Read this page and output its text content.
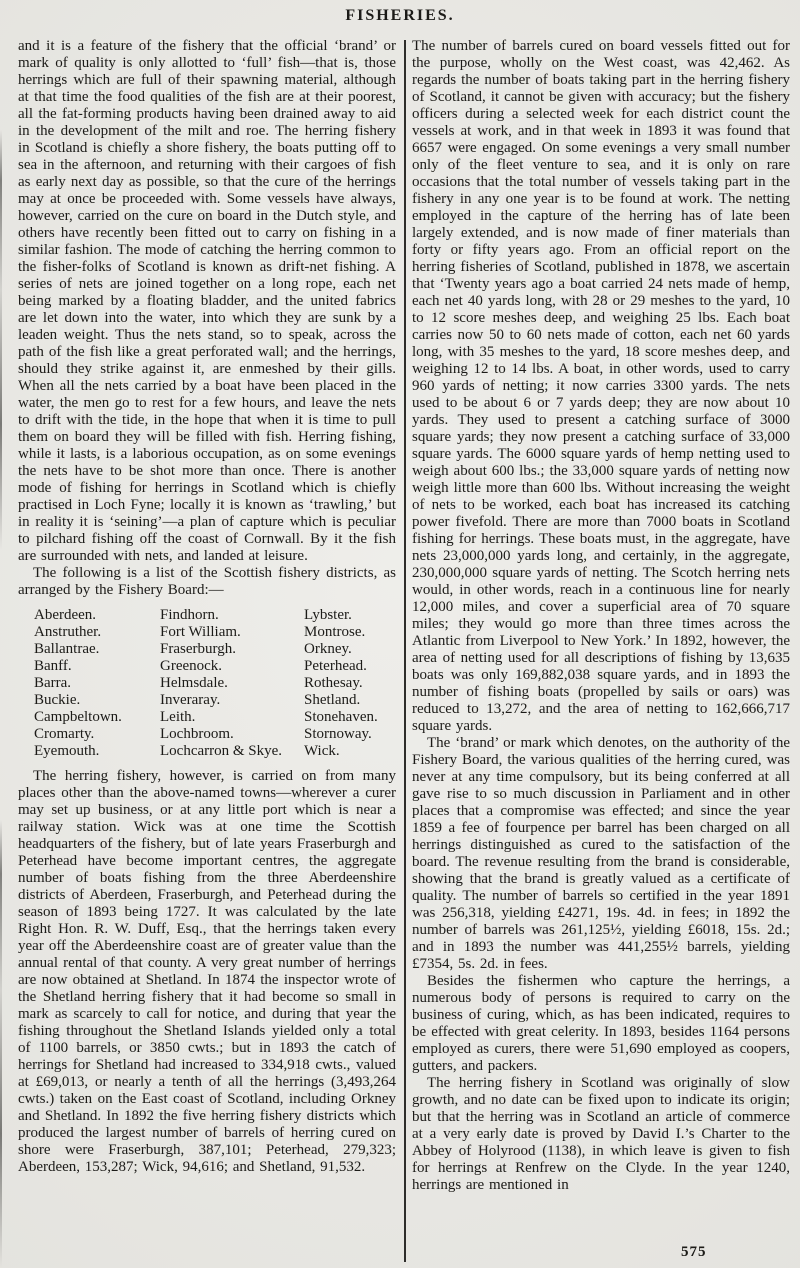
FISHERIES.

and it is a feature of the fishery that the official ‘brand’ or mark of quality is only allotted to ‘full’ fish—that is, those herrings which are full of their spawning material, although at that time the food qualities of the fish are at their poorest, all the fat-forming products having been drained away to aid in the development of the milt and roe. The herring fishery in Scotland is chiefly a shore fishery, the boats putting off to sea in the afternoon, and returning with their cargoes of fish as early next day as possible, so that the cure of the herrings may at once be proceeded with. Some vessels have always, however, carried on the cure on board in the Dutch style, and others have recently been fitted out to carry on fishing in a similar fashion. The mode of catching the herring common to the fisher-folks of Scotland is known as drift-net fishing. A series of nets are joined together on a long rope, each net being marked by a floating bladder, and the united fabrics are let down into the water, into which they are sunk by a leaden weight. Thus the nets stand, so to speak, across the path of the fish like a great perforated wall; and the herrings, should they strike against it, are enmeshed by their gills. When all the nets carried by a boat have been placed in the water, the men go to rest for a few hours, and leave the nets to drift with the tide, in the hope that when it is time to pull them on board they will be filled with fish. Herring fishing, while it lasts, is a laborious occupation, as on some evenings the nets have to be shot more than once. There is another mode of fishing for herrings in Scotland which is chiefly practised in Loch Fyne; locally it is known as ‘trawling,’ but in reality it is ‘seining’—a plan of capture which is peculiar to pilchard fishing off the coast of Cornwall. By it the fish are surrounded with nets, and landed at leisure.

The following is a list of the Scottish fishery districts, as arranged by the Fishery Board:—

Aberdeen.
Anstruther.
Ballantrae.
Banff.
Barra.
Buckie.
Campbeltown.
Cromarty.
Eyemouth.
Findhorn.
Fort William.
Fraserburgh.
Greenock.
Helmsdale.
Inveraray.
Leith.
Lochbroom.
Lochcarron & Skye.
Lybster.
Montrose.
Orkney.
Peterhead.
Rothesay.
Shetland.
Stonehaven.
Stornoway.
Wick.

The herring fishery, however, is carried on from many places other than the above-named towns—wherever a curer may set up business, or at any little port which is near a railway station. Wick was at one time the Scottish headquarters of the fishery, but of late years Fraserburgh and Peterhead have become important centres, the aggregate number of boats fishing from the three Aberdeenshire districts of Aberdeen, Fraserburgh, and Peterhead during the season of 1893 being 1727. It was calculated by the late Right Hon. R. W. Duff, Esq., that the herrings taken every year off the Aberdeenshire coast are of greater value than the annual rental of that county. A very great number of herrings are now obtained at Shetland. In 1874 the inspector wrote of the Shetland herring fishery that it had become so small in mark as scarcely to call for notice, and during that year the fishing throughout the Shetland Islands yielded only a total of 1100 barrels, or 3850 cwts.; but in 1893 the catch of herrings for Shetland had increased to 334,918 cwts., valued at £69,013, or nearly a tenth of all the herrings (3,493,264 cwts.) taken on the East coast of Scotland, including Orkney and Shetland. In 1892 the five herring fishery districts which produced the largest number of barrels of herring cured on shore were Fraserburgh, 387,101; Peterhead, 279,323; Aberdeen, 153,287; Wick, 94,616; and Shetland, 91,532.

The number of barrels cured on board vessels fitted out for the purpose, wholly on the West coast, was 42,462. As regards the number of boats taking part in the herring fishery of Scotland, it cannot be given with accuracy; but the fishery officers during a selected week for each district count the vessels at work, and in that week in 1893 it was found that 6657 were engaged. On some evenings a very small number only of the fleet venture to sea, and it is only on rare occasions that the total number of vessels taking part in the fishery in any one year is to be found at work. The netting employed in the capture of the herring has of late been largely extended, and is now made of finer materials than forty or fifty years ago. From an official report on the herring fisheries of Scotland, published in 1878, we ascertain that ‘Twenty years ago a boat carried 24 nets made of hemp, each net 40 yards long, with 28 or 29 meshes to the yard, 10 to 12 score meshes deep, and weighing 25 lbs. Each boat carries now 50 to 60 nets made of cotton, each net 60 yards long, with 35 meshes to the yard, 18 score meshes deep, and weighing 12 to 14 lbs. A boat, in other words, used to carry 960 yards of netting; it now carries 3300 yards. The nets used to be about 6 or 7 yards deep; they are now about 10 yards. They used to present a catching surface of 3000 square yards; they now present a catching surface of 33,000 square yards. The 6000 square yards of hemp netting used to weigh about 600 lbs.; the 33,000 square yards of netting now weigh little more than 600 lbs. Without increasing the weight of nets to be worked, each boat has increased its catching power fivefold. There are more than 7000 boats in Scotland fishing for herrings. These boats must, in the aggregate, have nets 23,000,000 yards long, and certainly, in the aggregate, 230,000,000 square yards of netting. The Scotch herring nets would, in other words, reach in a continuous line for nearly 12,000 miles, and cover a superficial area of 70 square miles; they would go more than three times across the Atlantic from Liverpool to New York.’ In 1892, however, the area of netting used for all descriptions of fishing by 13,635 boats was only 169,882,038 square yards, and in 1893 the number of fishing boats (propelled by sails or oars) was reduced to 13,272, and the area of netting to 162,666,717 square yards.

The ‘brand’ or mark which denotes, on the authority of the Fishery Board, the various qualities of the herring cured, was never at any time compulsory, but its being conferred at all gave rise to so much discussion in Parliament and in other places that a compromise was effected; and since the year 1859 a fee of fourpence per barrel has been charged on all herrings distinguished as cured to the satisfaction of the board. The revenue resulting from the brand is considerable, showing that the brand is greatly valued as a certificate of quality. The number of barrels so certified in the year 1891 was 256,318, yielding £4271, 19s. 4d. in fees; in 1892 the number of barrels was 261,125½, yielding £6018, 15s. 2d.; and in 1893 the number was 441,255½ barrels, yielding £7354, 5s. 2d. in fees.

Besides the fishermen who capture the herrings, a numerous body of persons is required to carry on the business of curing, which, as has been indicated, requires to be effected with great celerity. In 1893, besides 1164 persons employed as curers, there were 51,690 employed as coopers, gutters, and packers.

The herring fishery in Scotland was originally of slow growth, and no date can be fixed upon to indicate its origin; but that the herring was in Scotland an article of commerce at a very early date is proved by David I.’s Charter to the Abbey of Holyrood (1138), in which leave is given to fish for herrings at Renfrew on the Clyde. In the year 1240, herrings are mentioned in

575
